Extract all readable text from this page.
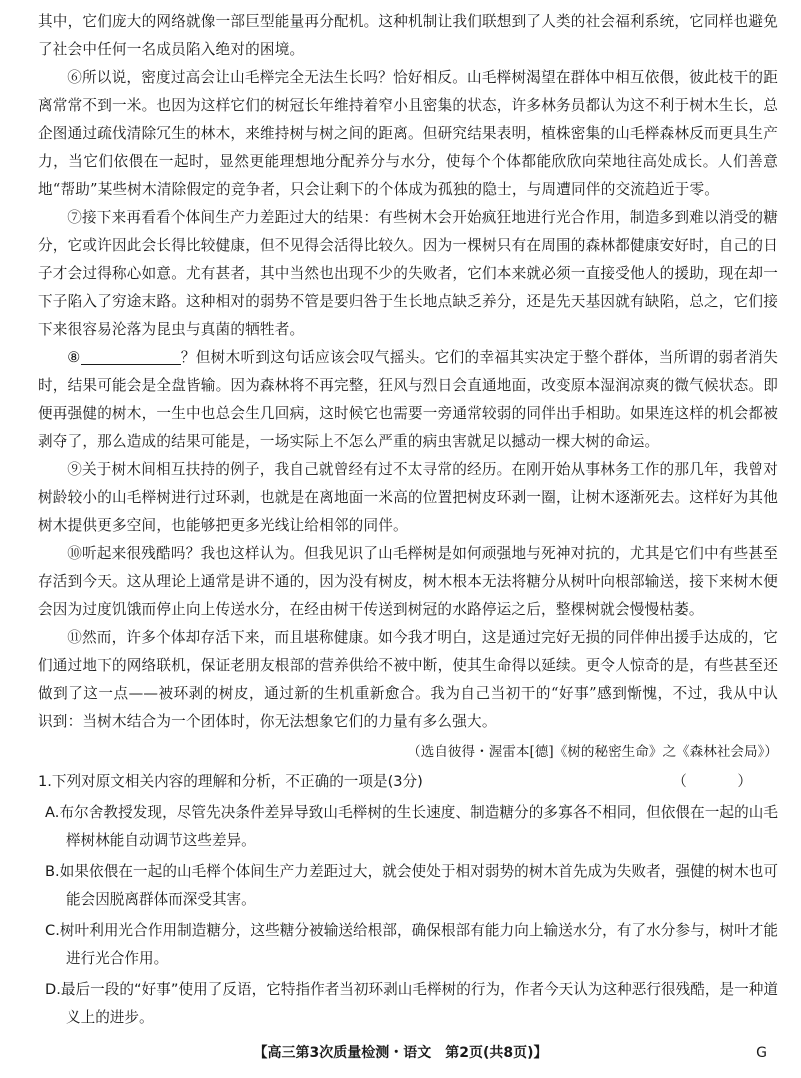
其中，它们庞大的网络就像一部巨型能量再分配机。这种机制让我们联想到了人类的社会福利系统，它同样也避免了社会中任何一名成员陷入绝对的困境。

⑥所以说，密度过高会让山毛榉完全无法生长吗？恰好相反。山毛榉树渴望在群体中相互依偎，彼此枝干的距离常常不到一米。也因为这样它们的树冠长年维持着窄小且密集的状态，许多林务员都认为这不利于树木生长，总企图通过疏伐清除冗生的林木，来维持树与树之间的距离。但研究结果表明，植株密集的山毛榉森林反而更具生产力，当它们依偎在一起时，显然更能理想地分配养分与水分，使每个个体都能欣欣向荣地往高处成长。人们善意地“帮助”某些树木清除假定的竞争者，只会让剩下的个体成为孤独的隐士，与周遭同伴的交流趋近于零。

⑦接下来再看看个体间生产力差距过大的结果：有些树木会开始疯狂地进行光合作用，制造多到难以消受的糖分，它或许因此会长得比较健康，但不见得会活得比较久。因为一棵树只有在周围的森林都健康安好时，自己的日子才会过得称心如意。尤有甚者，其中当然也出现不少的失败者，它们本来就必须一直接受他人的援助，现在却一下子陷入了穷途末路。这种相对的弱势不管是要归咎于生长地点缺乏养分，还是先天基因就有缺陷，总之，它们接下来很容易沦落为昆虫与真菌的牺牲者。

⑧	？但树木听到这句话应该会叹气摇头。它们的幸福其实决定于整个群体，当所谓的弱者消失时，结果可能会是全盘皆输。因为森林将不再完整，狂风与烈日会直通地面，改变原本湿润凉爽的微气候状态。即便再强健的树木，一生中也总会生几回病，这时候它也需要一旁通常较弱的同伴出手相助。如果连这样的机会都被剥夺了，那么造成的结果可能是，一场实际上不怎么严重的病虫害就足以撼动一棵大树的命运。

⑨关于树木间相互扶持的例子，我自己就曾经有过不太寻常的经历。在刚开始从事林务工作的那几年，我曾对树龄较小的山毛榉树进行过环剥，也就是在离地面一米高的位置把树皮环剥一圈，让树木逐渐死去。这样好为其他树木提供更多空间，也能够把更多光线让给相邻的同伴。

⑩听起来很残酷吗？我也这样认为。但我见识了山毛榉树是如何顽强地与死神对抗的，尤其是它们中有些甚至存活到今天。这从理论上通常是讲不通的，因为没有树皮，树木根本无法将糖分从树叶向根部输送，接下来树木便会因为过度饥饿而停止向上传送水分，在经由树干传送到树冠的水路停运之后，整棵树就会慢慢枯萎。

⑪然而，许多个体却存活下来，而且堪称健康。如今我才明白，这是通过完好无损的同伴伸出援手达成的，它们通过地下的网络联机，保证老朋友根部的营养供给不被中断，使其生命得以延续。更令人惊奇的是，有些甚至还做到了这一点——被环剥的树皮，通过新的生机重新愈合。我为自己当初干的“好事”感到惭愧，不过，我从中认识到：当树木结合为一个团体时，你无法想象它们的力量有多么强大。

（选自彼得・渥雷本[德]《树的秘密生命》之《森林社会局》）

1.下列对原文相关内容的理解和分析，不正确的一项是(3分)	（　）

A.布尔舍教授发现，尽管先决条件差异导致山毛榉树的生长速度、制造糖分的多寡各不相同，但依偎在一起的山毛榉树林能自动调节这些差异。

B.如果依偎在一起的山毛榉个体间生产力差距过大，就会使处于相对弱势的树木首先成为失败者，强健的树木也可能会因脱离群体而深受其害。

C.树叶利用光合作用制造糖分，这些糖分被输送给根部，确保根部有能力向上输送水分，有了水分参与，树叶才能进行光合作用。

D.最后一段的“好事”使用了反语，它特指作者当初环剥山毛榉树的行为，作者今天认为这种恶行很残酷，是一种道义上的进步。

【高三第3次质量检测・语文　第2页(共8页)】	G
